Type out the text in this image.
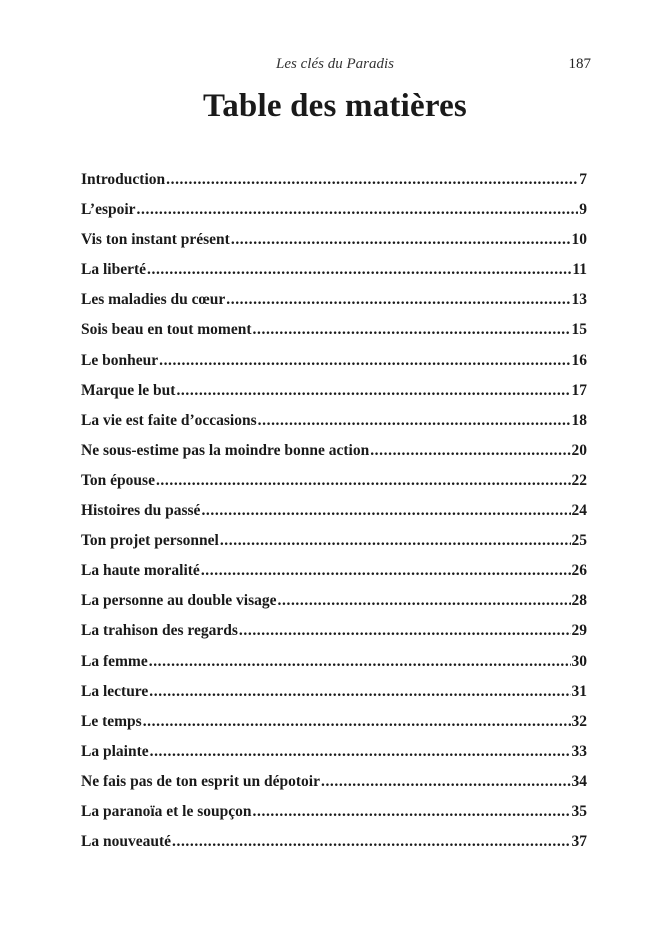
Les clés du Paradis	187
Table des matières
Introduction .....	7
L’espoir .....	9
Vis ton instant présent .....	10
La liberté .....	11
Les maladies du cœur .....	13
Sois beau en tout moment .....	15
Le bonheur .....	16
Marque le but .....	17
La vie est faite d’occasions .....	18
Ne sous-estime pas la moindre bonne action .....	20
Ton épouse .....	22
Histoires du passé .....	24
Ton projet personnel .....	25
La haute moralité .....	26
La personne au double visage .....	28
La trahison des regards .....	29
La femme .....	30
La lecture .....	31
Le temps .....	32
La plainte .....	33
Ne fais pas de ton esprit un dépotoir .....	34
La paranoïa et le soupçon .....	35
La nouveauté .....	37
